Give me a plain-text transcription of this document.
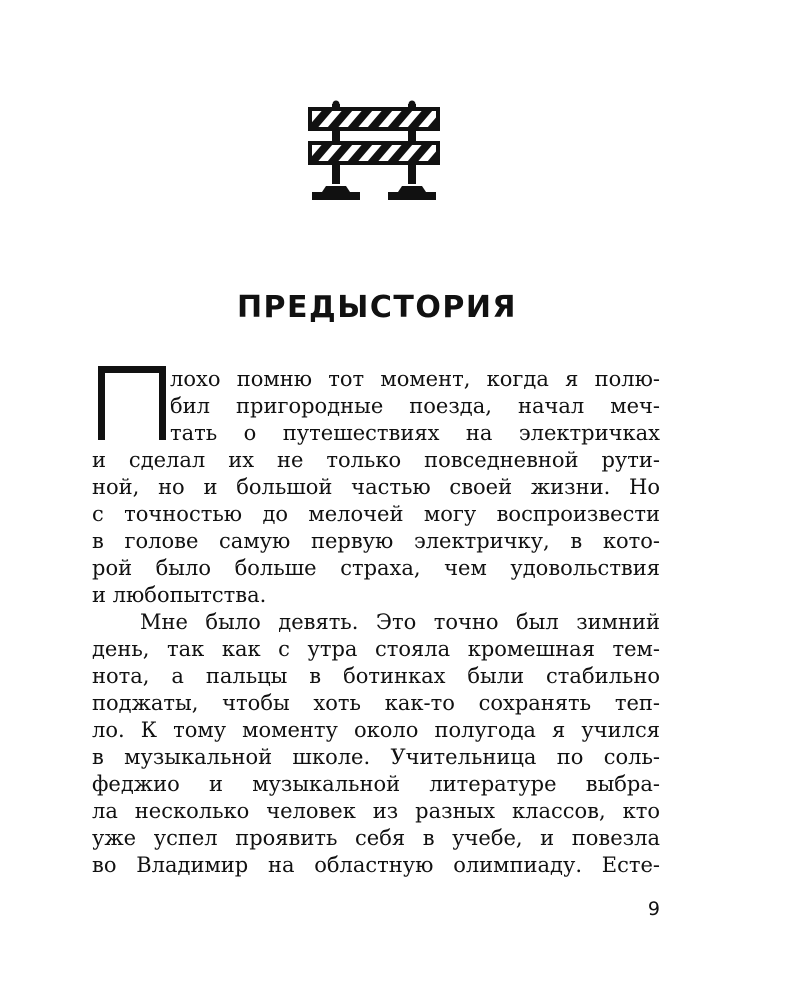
ПРЕДЫСТОРИЯ
лохо помню тот момент, когда я полю-
бил пригородные поезда, начал меч-
тать о путешествиях на электричках
и сделал их не только повседневной рути-
ной, но и большой частью своей жизни. Но
с точностью до мелочей могу воспроизвести
в голове самую первую электричку, в кото-
рой было больше страха, чем удовольствия
и любопытства.
Мне было девять. Это точно был зимний
день, так как с утра стояла кромешная тем-
нота, а пальцы в ботинках были стабильно
поджаты, чтобы хоть как-то сохранять теп-
ло. К тому моменту около полугода я учился
в музыкальной школе. Учительница по соль-
феджио и музыкальной литературе выбра-
ла несколько человек из разных классов, кто
уже успел проявить себя в учебе, и повезла
во Владимир на областную олимпиаду. Есте-
9
